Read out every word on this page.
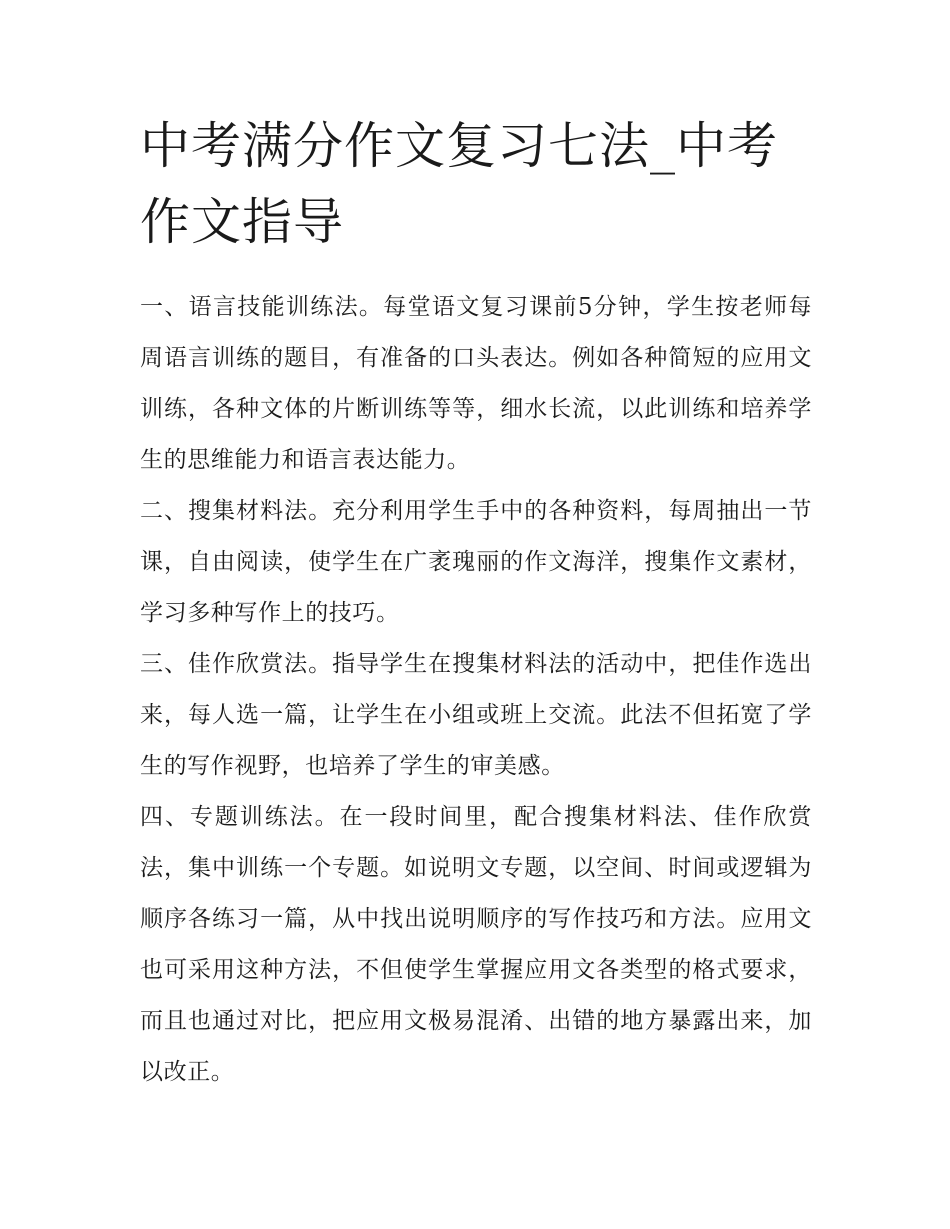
中考满分作文复习七法_中考作文指导

一、语言技能训练法。每堂语文复习课前5分钟，学生按老师每周语言训练的题目，有准备的口头表达。例如各种简短的应用文训练，各种文体的片断训练等等，细水长流，以此训练和培养学生的思维能力和语言表达能力。

二、搜集材料法。充分利用学生手中的各种资料，每周抽出一节课，自由阅读，使学生在广袤瑰丽的作文海洋，搜集作文素材，学习多种写作上的技巧。

三、佳作欣赏法。指导学生在搜集材料法的活动中，把佳作选出来，每人选一篇，让学生在小组或班上交流。此法不但拓宽了学生的写作视野，也培养了学生的审美感。

四、专题训练法。在一段时间里，配合搜集材料法、佳作欣赏法，集中训练一个专题。如说明文专题，以空间、时间或逻辑为顺序各练习一篇，从中找出说明顺序的写作技巧和方法。应用文也可采用这种方法，不但使学生掌握应用文各类型的格式要求，而且也通过对比，把应用文极易混淆、出错的地方暴露出来，加以改正。
